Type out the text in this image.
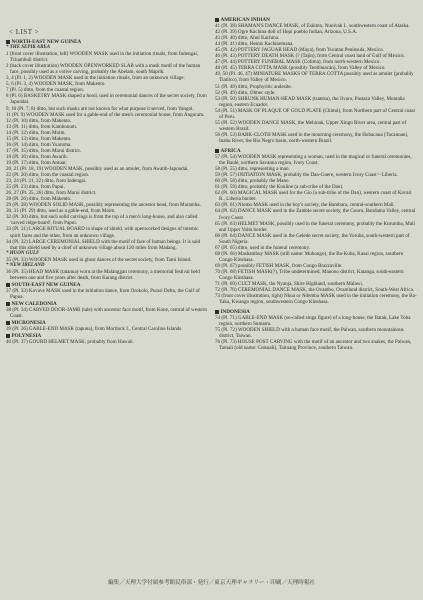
< LIST >
NORTH-EAST NEW GUINEA
* THE SEPIK AREA
1 (front cover illustration, left) WOODEN MASK used in the initiation rituals, from Indengai, Tchambuli district.
2 (back cover illustration) WOODEN OPENWORKED SLAB with a mask motif of the human face, possibly used as a votive carving, probably the Abelam, south Maprik.
3, 4 (Pl. 1, 2) WOODEN MASK used in the initiation rituals, from an unknown village.
5, 6 (Pl. 3, 4) WOODEN MASK, from Makento.
7 (Pl. 5) ditto, from the coastal region.
8 (Pl. 6) BASKETRY MASK shaped a hood, used in ceremonial dances of the secret society, from Japondai.
9, 10 (Pl. 7, 8) ditto, but such masks are not known for what purpose it served, from Yangol.
11 (Pl. 9) WOODEN MASK used for a gable-end of the men's ceremonial house, from Angoram.
12 (Pl. 10) ditto, from Makento.
13 (Pl. 11) ditto, from Kambonum.
14 (Pl. 12) ditto, from Moim.
15 (Pl. 13) ditto, from Makento.
16 (Pl. 14) ditto, from Yuaruma.
17 (Pl. 15) ditto, from Marui district.
18 (Pl. 16) ditto, from Awarib.
19 (Pl. 17) ditto, from Antuar.
20, 21 (Pl. 18, 19) WOODEN MASK, possibly used as an amulet, from Awatib-Japondai.
22 (Pl. 20) ditto, from the coastal region.
23, 24 (Pl. 21, 22) ditto, from Indengai.
25 (Pl. 23) ditto, from Papui.
26, 27 (Pl. 25, 26) ditto, from Marui district.
28 (Pl. 26) ditto, from Makento.
29 (Pl. 28) WOODEN SOLID MASK, possibly representing the ancestor head, from Maramba.
30, 31 (Pl. 29) ditto, used as a gable-end, from Moim.
32 (Pl. 30) ditto, but such solid carvings is from the top of a men's long-house, and also called 'carved ridge-board', from Papui.
33 (Pl. 31) LARGE RITUAL BOARD in shape of shield, with openworked designs of totemic spirit faces and the other, from an unknown village.
34 (Pl. 32) LARGE CEREMONIAL SHIELD with the motif of face of human beings. It is said that this shield used by a chief of unknown village about 120 miles from Madang.
* HUON GULF
35 (Pl. 33) WOODEN MASK used in ghost dances of the secret society, from Tami Island.
* NEW IRELAND
36 (Pl. 35) HEAD MASK (tatanua) worn at the Malanggan ceremony, a memorial festival held between one and five years after death, from Karang district.
SOUTH-EAST NEW GUINEA
37 (Pl. 33) Kovave MASK used in the initiation dance, from Orokolo, Purari Delta, the Gulf of Papua.
NEW CALEDONIA
38 (Pl. 34) CARVED DOOR-JAMB (tale) with ancestor face motif, from Kone, central of western Coast.
MICRONESIA
39 (Pl. 36) GABLE-END MASK (tapuna), from Mortlock I., Central Caroline Islands.
POLYNESIA
40 (Pl. 37) GOURD HELMET MASK, probably from Hawaii.
AMERICAN INDIAN
41 (Pl. 38) SHAMAN'S DANCE MASK, of Eskimo, Nunivak I., southwestern coast of Alaska.
42 (Pl. 39) Ogre Kachina doll of Hopi pueblo Indian, Arizona, U.S.A.
43 (Pl. 40) ditto, Ahol Kachina.
44 (Pl. 41) ditto, Hemis Kachinemana.
45 (Pl. 42) POTTERY JAGUAR HEAD (Maya), from Yucatan Peninsula, Mexico.
46 (Pl. 43) POTTERY DEATH MASK (? (Tajin), from Central coast land of Gulf of Mexico.
47 (Pl. 44) POTTERY FUNERAL MASK (Colima), from north-western Mexico.
48 (Pl. 45) TERRA COTTA MASK (possibly Teotihuacán), from Valley of Mexico.
49, 50 (Pl. 46, 47) MINIATURE MASKS OF TERRA COTTA possibly used as amulet (probably Tlatilco), from Valley of Mexico.
51 (Pl. 48) ditto, Prophyritic andesite.
52 (Pl. 49) ditto, Olmec style.
53 (Pl. 50) SHRUNK HUMAN-HEAD MASK (tsantsa), the Jivaro, Pastaza Valley, Montaña region, eastern Ecuador.
54 (Pl. 51) MASK OF PLAQUE OF GOLD PLATE (Chimú), from Northern part of Central coast of Peru.
55 (Pl. 52) WOODEN DANCE MASK, the Mehinak, Upper Xingu River area, central part of western Brazil.
56 (Pl. 53) BARK-CLOTH MASK used in the mourning ceremony, the Hobacana (Tucanoan), Inahu River, the Rio Negro basin, north-western Brazil.
AFRICA
57 (Pl. 54) WOODEN MASK representing a woman, used in the magical or funeral ceremonies, the Baulé, northern Savanna region, Ivory Coast.
58 (Pl. 55) ditto, representing a man.
59 (Pl. 57) INITIATION MASK, probably the Dan-Guere, western Ivory Coast～Liberia.
60 (Pl. 58) ditto, probably the Mano.
61 (Pl. 59) ditto, probably the Kouline (a sub-tribe of the Dan).
62 (Pl. 60) MAGICAL MASK used for the Gio (a sub-tribe of the Dan), western coast of Kavari R., Liberia border.
63 (Pl. 61) Ntomo MASK used in the boy's society, the Bambara, central-southern Mali.
64 (Pl. 62) DANCE MASK used in the Zamble secret society, the Gouro, Bandama Valley, central Ivory Coast.
65 (Pl. 63) HELMET MASK, possibly used in the funeral ceremony, probably the Kurumba, Mali and Upper Volta border.
66 (Pl. 64) DANCE MASK used in the Gelede secret society, the Yoruba, south-western part of South Nigeria.
67 (Pl. 65) ditto, used in the funeral ceremony.
68 (Pl. 66) Mashambuy MASK (still name: Muhongo), the Ba-Kuba, Kasai region, southern Congo Kinshasa.
69 (Pl. 67) possibly FETISH MASK, from Congo Brazzaville.
70 (Pl. 68) FETISH MASK(?), Tribe undetermined, Manono district, Katanga, south-eastern Congo Kinshasa.
71 (Pl. 69) CULT MASK, the Nyanja, Shire Highland, southern Malawi.
72 (Pl. 70) CEREMONIAL DANCE MASK, the Ovambo, Ovamland district, South-West Africa.
73 (front cover illustration, right) Nkoa or Ndemba MASK used in the initiation ceremony, the Ba-Yaka, Kwango region, southwestern Congo Kinshasa.
INDONESIA
74 (Pl. 71) GABLE-END MASK (so-called singa figure) of a long-house, the Batak, Lake Toba region, northern Sumatra.
75 (Pl. 72) WOODEN SHIELD with a human face motif, the Paiwan, southern mountainous district, Taiwan.
76 (Pl. 73) HOUSE POST CARVING with the motif of an ancestor and two snakes, the Paiwan, Tamali (old name: Cutsuali), Taituang Province, southern Taiwan.
編集／天理大学付属参考館民俗部・発行／東京天理ギャラリー・印刷／天理時報社
